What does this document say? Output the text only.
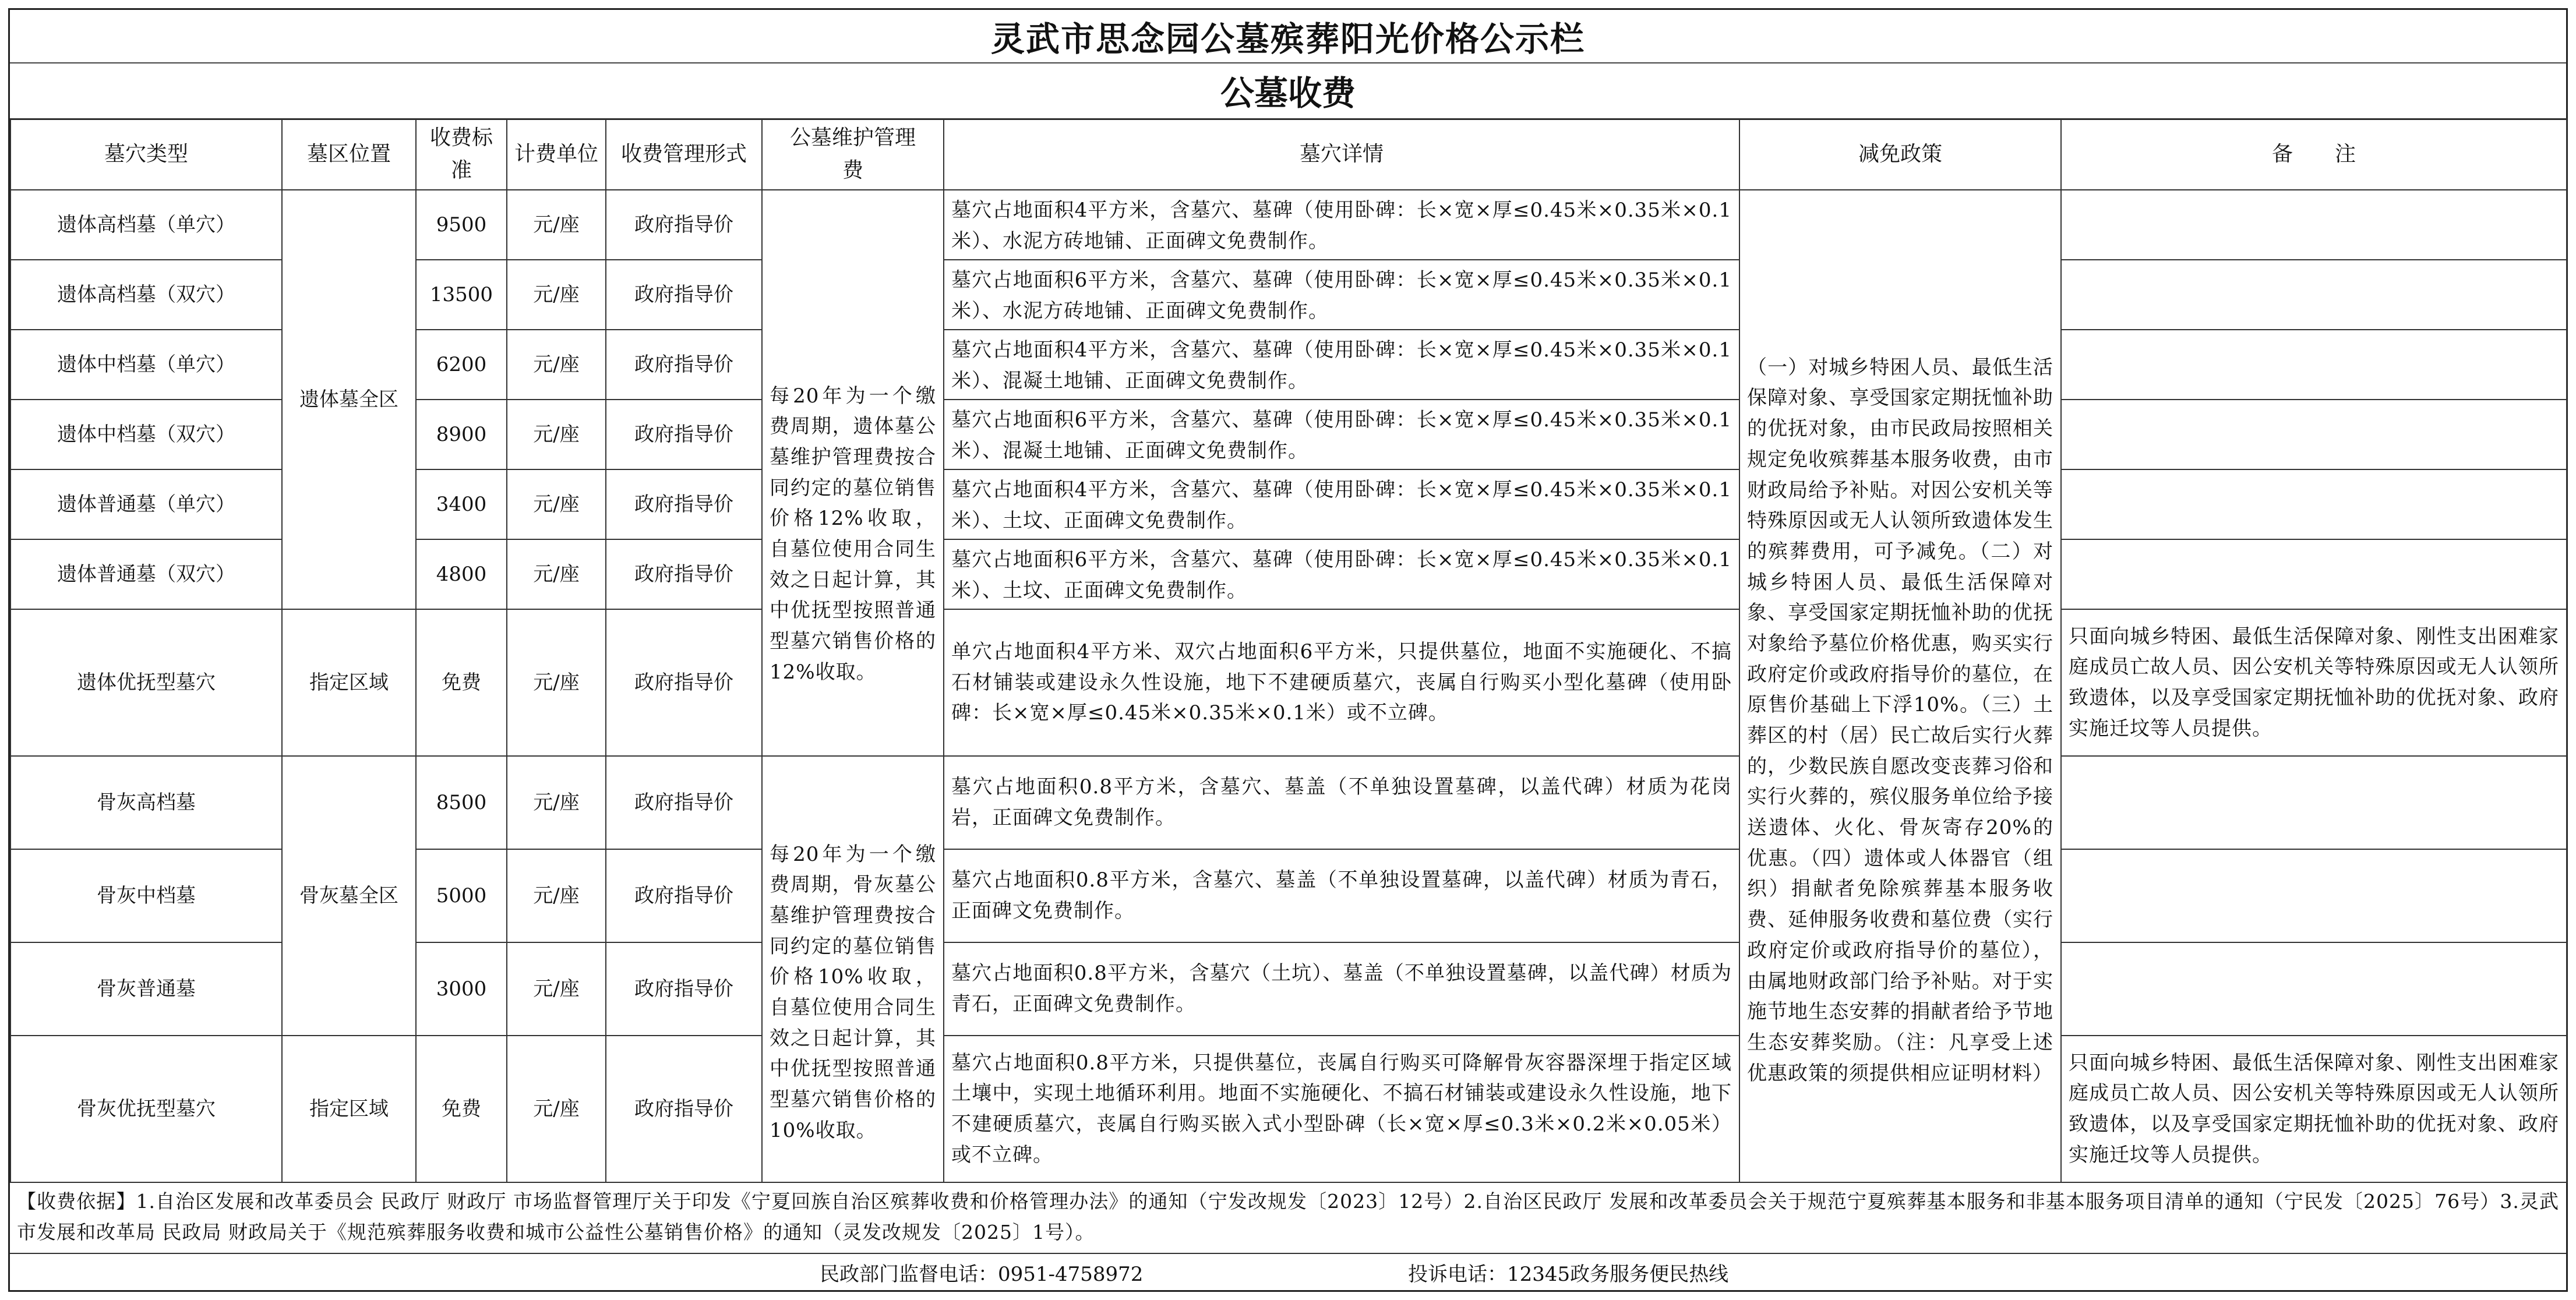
灵武市思念园公墓殡葬阳光价格公示栏
公墓收费
墓穴类型	墓区位置	收费标准	计费单位	收费管理形式	公墓维护管理费	墓穴详情	减免政策	备　　注
遗体高档墓（单穴）	遗体墓全区	9500	元/座	政府指导价	每20年为一个缴费周期，遗体墓公墓维护管理费按合同约定的墓位销售价格12%收取，自墓位使用合同生效之日起计算，其中优抚型按照普通型墓穴销售价格的12%收取。	墓穴占地面积4平方米，含墓穴、墓碑（使用卧碑：长×宽×厚≤0.45米×0.35米×0.1米）、水泥方砖地铺、正面碑文免费制作。	（一）对城乡特困人员、最低生活保障对象、享受国家定期抚恤补助的优抚对象，由市民政局按照相关规定免收殡葬基本服务收费，由市财政局给予补贴。对因公安机关等特殊原因或无人认领所致遗体发生的殡葬费用，可予减免。（二）对城乡特困人员、最低生活保障对象、享受国家定期抚恤补助的优抚对象给予墓位价格优惠，购买实行政府定价或政府指导价的墓位，在原售价基础上下浮10%。（三）土葬区的村（居）民亡故后实行火葬的，少数民族自愿改变丧葬习俗和实行火葬的，殡仪服务单位给予接送遗体、火化、骨灰寄存20%的优惠。（四）遗体或人体器官（组织）捐献者免除殡葬基本服务收费、延伸服务收费和墓位费（实行政府定价或政府指导价的墓位），由属地财政部门给予补贴。对于实施节地生态安葬的捐献者给予节地生态安葬奖励。（注：凡享受上述优惠政策的须提供相应证明材料）	
遗体高档墓（双穴）		13500	元/座	政府指导价		墓穴占地面积6平方米，含墓穴、墓碑（使用卧碑：长×宽×厚≤0.45米×0.35米×0.1米）、水泥方砖地铺、正面碑文免费制作。		
遗体中档墓（单穴）		6200	元/座	政府指导价		墓穴占地面积4平方米，含墓穴、墓碑（使用卧碑：长×宽×厚≤0.45米×0.35米×0.1米）、混凝土地铺、正面碑文免费制作。		
遗体中档墓（双穴）		8900	元/座	政府指导价		墓穴占地面积6平方米，含墓穴、墓碑（使用卧碑：长×宽×厚≤0.45米×0.35米×0.1米）、混凝土地铺、正面碑文免费制作。		
遗体普通墓（单穴）		3400	元/座	政府指导价		墓穴占地面积4平方米，含墓穴、墓碑（使用卧碑：长×宽×厚≤0.45米×0.35米×0.1米）、土坟、正面碑文免费制作。		
遗体普通墓（双穴）		4800	元/座	政府指导价		墓穴占地面积6平方米，含墓穴、墓碑（使用卧碑：长×宽×厚≤0.45米×0.35米×0.1米）、土坟、正面碑文免费制作。		
遗体优抚型墓穴	指定区域	免费	元/座	政府指导价		单穴占地面积4平方米、双穴占地面积6平方米，只提供墓位，地面不实施硬化、不搞石材铺装或建设永久性设施，地下不建硬质墓穴，丧属自行购买小型化墓碑（使用卧碑：长×宽×厚≤0.45米×0.35米×0.1米）或不立碑。		只面向城乡特困、最低生活保障对象、刚性支出困难家庭成员亡故人员、因公安机关等特殊原因或无人认领所致遗体，以及享受国家定期抚恤补助的优抚对象、政府实施迁坟等人员提供。
骨灰高档墓	骨灰墓全区	8500	元/座	政府指导价	每20年为一个缴费周期，骨灰墓公墓维护管理费按合同约定的墓位销售价格10%收取，自墓位使用合同生效之日起计算，其中优抚型按照普通型墓穴销售价格的10%收取。	墓穴占地面积0.8平方米，含墓穴、墓盖（不单独设置墓碑，以盖代碑）材质为花岗岩，正面碑文免费制作。		
骨灰中档墓		5000	元/座	政府指导价		墓穴占地面积0.8平方米，含墓穴、墓盖（不单独设置墓碑，以盖代碑）材质为青石，正面碑文免费制作。		
骨灰普通墓		3000	元/座	政府指导价		墓穴占地面积0.8平方米，含墓穴（土坑）、墓盖（不单独设置墓碑，以盖代碑）材质为青石，正面碑文免费制作。		
骨灰优抚型墓穴	指定区域	免费	元/座	政府指导价		墓穴占地面积0.8平方米，只提供墓位，丧属自行购买可降解骨灰容器深埋于指定区域土壤中，实现土地循环利用。地面不实施硬化、不搞石材铺装或建设永久性设施，地下不建硬质墓穴，丧属自行购买嵌入式小型卧碑（长×宽×厚≤0.3米×0.2米×0.05米）或不立碑。		只面向城乡特困、最低生活保障对象、刚性支出困难家庭成员亡故人员、因公安机关等特殊原因或无人认领所致遗体，以及享受国家定期抚恤补助的优抚对象、政府实施迁坟等人员提供。
【收费依据】1.自治区发展和改革委员会 民政厅 财政厅 市场监督管理厅关于印发《宁夏回族自治区殡葬收费和价格管理办法》的通知（宁发改规发〔2023〕12号）2.自治区民政厅 发展和改革委员会关于规范宁夏殡葬基本服务和非基本服务项目清单的通知（宁民发〔2025〕76号）3.灵武市发展和改革局 民政局 财政局关于《规范殡葬服务收费和城市公益性公墓销售价格》的通知（灵发改规发〔2025〕1号）。
民政部门监督电话：0951-4758972	投诉电话：12345政务服务便民热线
